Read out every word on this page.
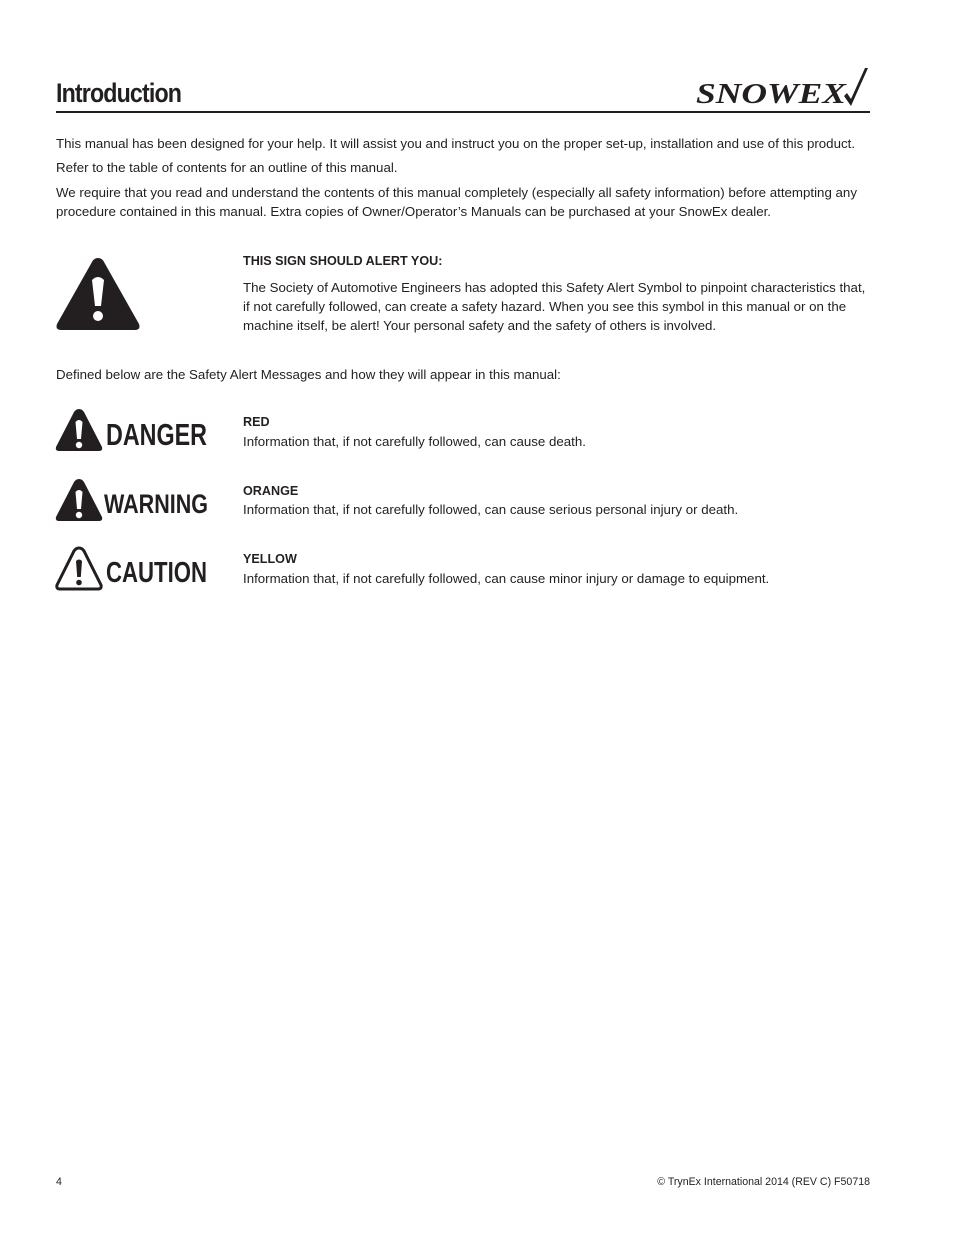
Introduction	SNOWEX

This manual has been designed for your help. It will assist you and instruct you on the proper set-up, installation and use of this product.

Refer to the table of contents for an outline of this manual.

We require that you read and understand the contents of this manual completely (especially all safety information) before attempting any procedure contained in this manual. Extra copies of Owner/Operator’s Manuals can be purchased at your SnowEx dealer.

THIS SIGN SHOULD ALERT YOU:

The Society of Automotive Engineers has adopted this Safety Alert Symbol to pinpoint characteristics that, if not carefully followed, can create a safety hazard. When you see this symbol in this manual or on the machine itself, be alert! Your personal safety and the safety of others is involved.

Defined below are the Safety Alert Messages and how they will appear in this manual:

DANGER	RED

Information that, if not carefully followed, can cause death.

WARNING	ORANGE

Information that, if not carefully followed, can cause serious personal injury or death.

CAUTION	YELLOW

Information that, if not carefully followed, can cause minor injury or damage to equipment.

4	© TrynEx International 2014 (REV C) F50718
